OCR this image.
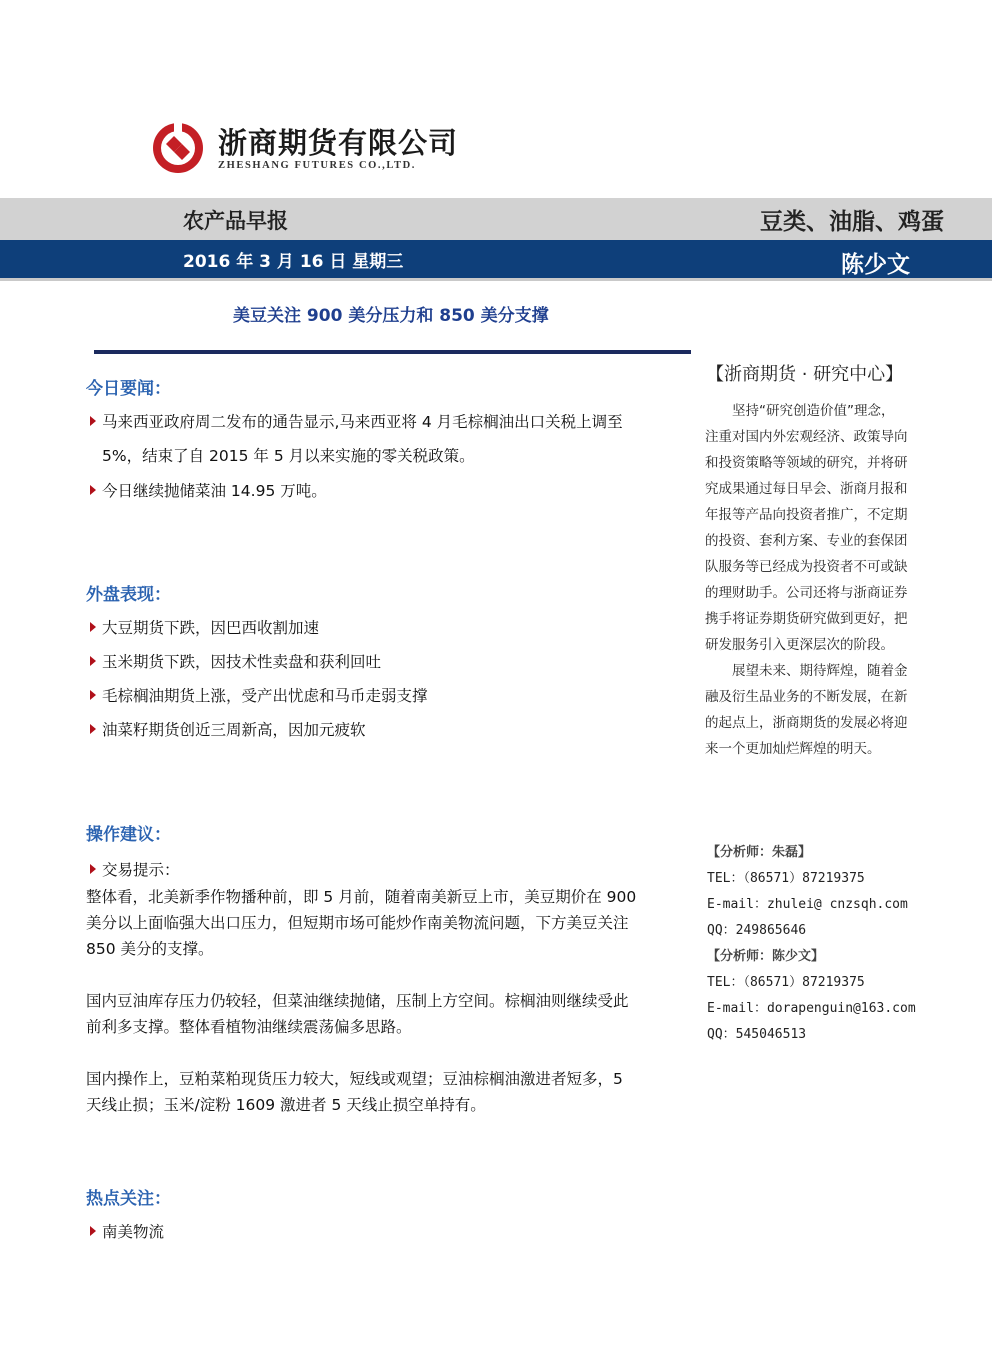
浙商期货有限公司
ZHESHANG FUTURES CO.,LTD.
农产品早报	豆类、油脂、鸡蛋
2016 年 3 月 16 日 星期三	陈少文
美豆关注 900 美分压力和 850 美分支撑
今日要闻：
马来西亚政府周二发布的通告显示,马来西亚将 4 月毛棕榈油出口关税上调至
5%，结束了自 2015 年 5 月以来实施的零关税政策。
今日继续抛储菜油 14.95 万吨。
外盘表现：
大豆期货下跌，因巴西收割加速
玉米期货下跌，因技术性卖盘和获利回吐
毛棕榈油期货上涨，受产出忧虑和马币走弱支撑
油菜籽期货创近三周新高，因加元疲软
操作建议：
交易提示：
整体看，北美新季作物播种前，即 5 月前，随着南美新豆上市，美豆期价在 900
美分以上面临强大出口压力，但短期市场可能炒作南美物流问题，下方美豆关注
850 美分的支撑。
国内豆油库存压力仍较轻，但菜油继续抛储，压制上方空间。棕榈油则继续受此
前利多支撑。整体看植物油继续震荡偏多思路。
国内操作上，豆粕菜粕现货压力较大，短线或观望；豆油棕榈油激进者短多，5
天线止损；玉米/淀粉 1609 激进者 5 天线止损空单持有。
热点关注：
南美物流
【浙商期货 · 研究中心】
　　坚持“研究创造价值”理念，
注重对国内外宏观经济、政策导向
和投资策略等领域的研究，并将研
究成果通过每日早会、浙商月报和
年报等产品向投资者推广，不定期
的投资、套利方案、专业的套保团
队服务等已经成为投资者不可或缺
的理财助手。公司还将与浙商证券
携手将证券期货研究做到更好，把
研发服务引入更深层次的阶段。
　　展望未来、期待辉煌，随着金
融及衍生品业务的不断发展，在新
的起点上，浙商期货的发展必将迎
来一个更加灿烂辉煌的明天。
【分析师：朱磊】
TEL：（86571）87219375
E-mail：zhulei@ cnzsqh.com
QQ：249865646
【分析师：陈少文】
TEL：（86571）87219375
E-mail：dorapenguin@163.com
QQ：545046513
